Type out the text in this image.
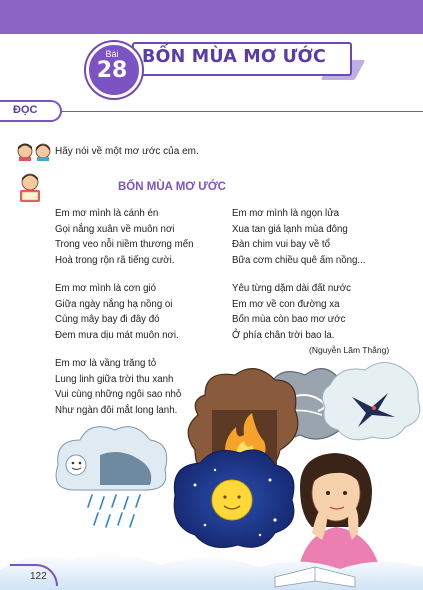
BỐN MÙA MƠ ƯỚC
Bài
28
ĐỌC
Hãy nói về một mơ ước của em.
BỐN MÙA MƠ ƯỚC
Em mơ mình là cánh én
Gọi nắng xuân về muôn nơi
Trong veo nỗi niềm thương mến
Hoà trong rộn rã tiếng cười.
Em mơ mình là cơn gió
Giữa ngày nắng hạ nồng oi
Cùng mây bay đi đây đó
Đem mưa dịu mát muôn nơi.
Em mơ là vầng trăng tỏ
Lung linh giữa trời thu xanh
Vui cùng những ngôi sao nhỏ
Như ngàn đôi mắt long lanh.
Em mơ mình là ngọn lửa
Xua tan giá lạnh mùa đông
Đàn chim vui bay về tổ
Bữa cơm chiều quê ấm nồng...
Yêu từng dặm dài đất nước
Em mơ về con đường xa
Bốn mùa còn bao mơ ước
Ở phía chân trời bao la.
(Nguyễn Lãm Thắng)
122
